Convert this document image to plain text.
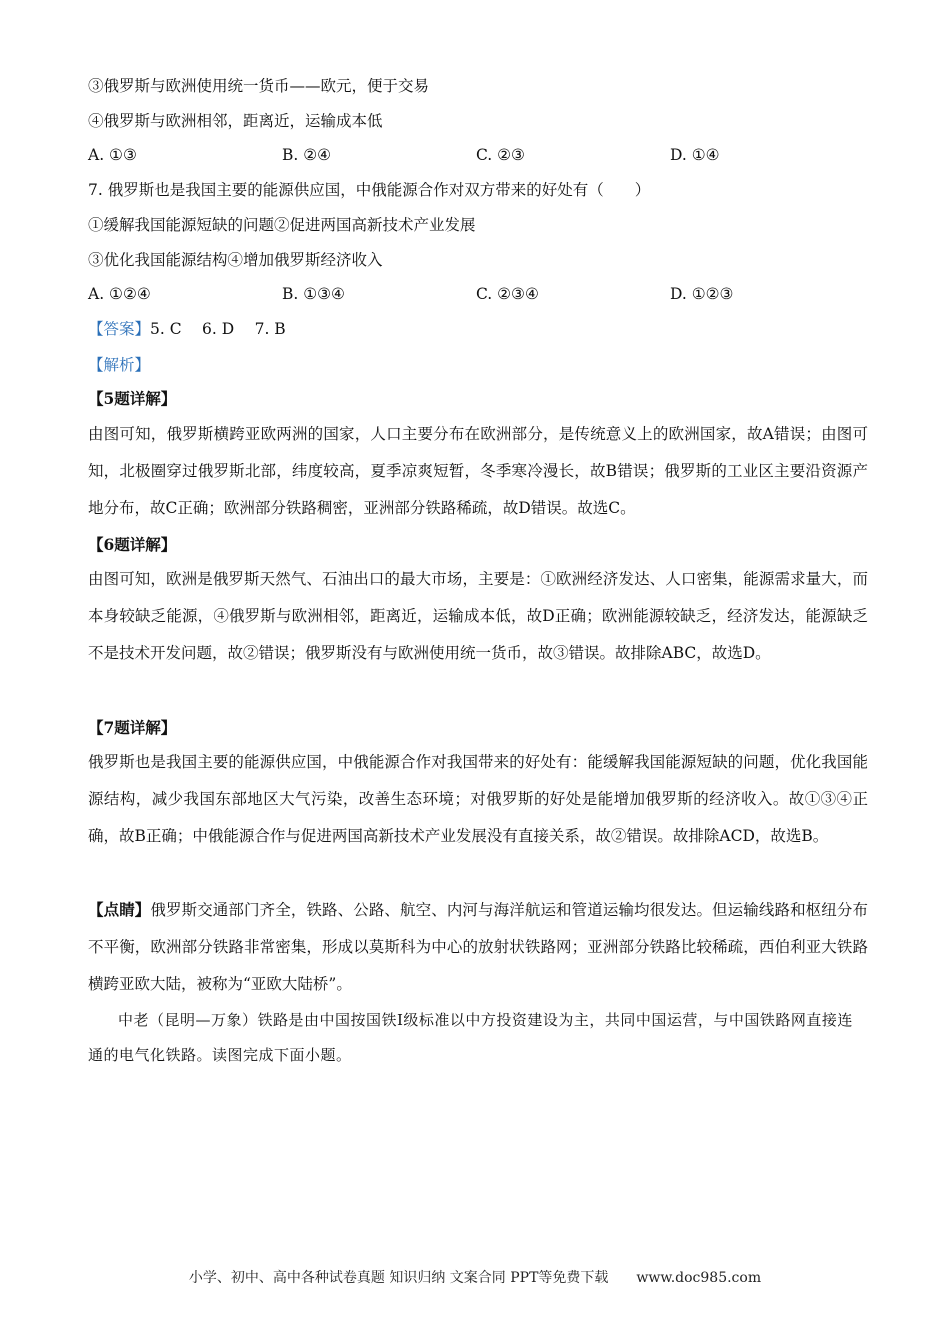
③俄罗斯与欧洲使用统一货币——欧元，便于交易
④俄罗斯与欧洲相邻，距离近，运输成本低
A. ①③	B. ②④	C. ②③	D. ①④
7. 俄罗斯也是我国主要的能源供应国，中俄能源合作对双方带来的好处有（　　）
①缓解我国能源短缺的问题②促进两国高新技术产业发展
③优化我国能源结构④增加俄罗斯经济收入
A. ①②④	B. ①③④	C. ②③④	D. ①②③
【答案】5. C　 6. D　 7. B
【解析】
【5题详解】
由图可知，俄罗斯横跨亚欧两洲的国家，人口主要分布在欧洲部分，是传统意义上的欧洲国家，故A错误；由图可知，北极圈穿过俄罗斯北部，纬度较高，夏季凉爽短暂，冬季寒冷漫长，故B错误；俄罗斯的工业区主要沿资源产地分布，故C正确；欧洲部分铁路稠密，亚洲部分铁路稀疏，故D错误。故选C。
【6题详解】
由图可知，欧洲是俄罗斯天然气、石油出口的最大市场，主要是：①欧洲经济发达、人口密集，能源需求量大，而本身较缺乏能源，④俄罗斯与欧洲相邻，距离近，运输成本低，故D正确；欧洲能源较缺乏，经济发达，能源缺乏不是技术开发问题，故②错误；俄罗斯没有与欧洲使用统一货币，故③错误。故排除ABC，故选D。
【7题详解】
俄罗斯也是我国主要的能源供应国，中俄能源合作对我国带来的好处有：能缓解我国能源短缺的问题，优化我国能源结构，减少我国东部地区大气污染，改善生态环境；对俄罗斯的好处是能增加俄罗斯的经济收入。故①③④正确，故B正确；中俄能源合作与促进两国高新技术产业发展没有直接关系，故②错误。故排除ACD，故选B。
【点睛】俄罗斯交通部门齐全，铁路、公路、航空、内河与海洋航运和管道运输均很发达。但运输线路和枢纽分布不平衡，欧洲部分铁路非常密集，形成以莫斯科为中心的放射状铁路网；亚洲部分铁路比较稀疏，西伯利亚大铁路横跨亚欧大陆，被称为“亚欧大陆桥”。
中老（昆明—万象）铁路是由中国按国铁Ⅰ级标准以中方投资建设为主，共同中国运营，与中国铁路网直接连通的电气化铁路。读图完成下面小题。
小学、初中、高中各种试卷真题 知识归纳 文案合同 PPT等免费下载　　www.doc985.com
